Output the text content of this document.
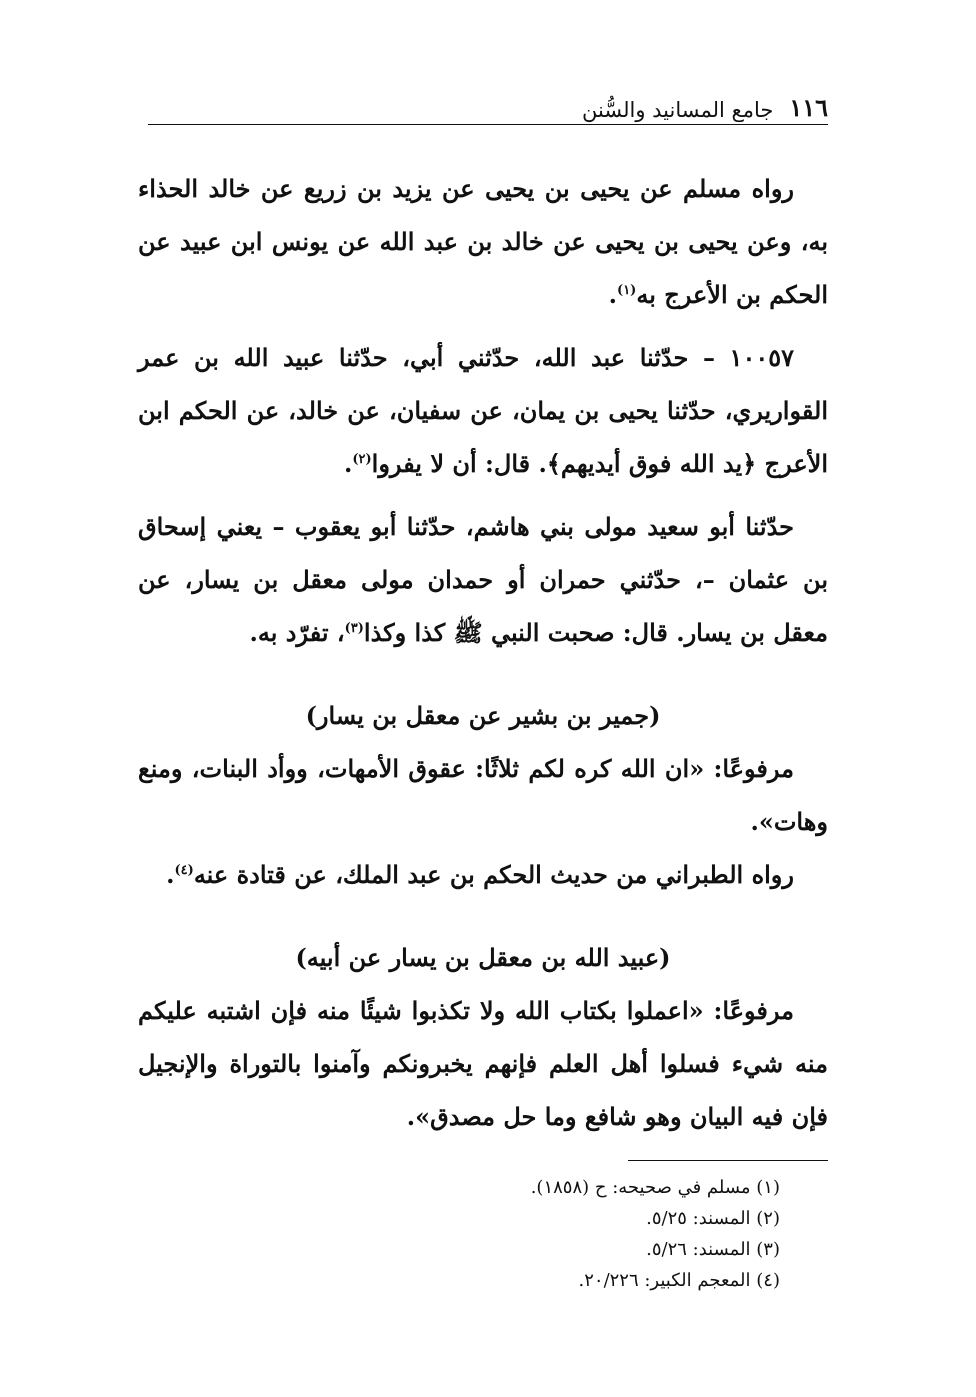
١١٦
جامع المسانيد والسُّنن

رواه مسلم عن يحيى بن يحيى عن يزيد بن زريع عن خالد الحذاء به، وعن يحيى بن يحيى عن خالد بن عبد الله عن يونس ابن عبيد عن الحكم بن الأعرج به$^{(١)}$.

١٠٠٥٧ – حدّثنا عبد الله، حدّثني أبي، حدّثنا عبيد الله بن عمر القواريري، حدّثنا يحيى بن يمان، عن سفيان، عن خالد، عن الحكم ابن الأعرج ﴿يد الله فوق أيديهم﴾. قال: أن لا يفروا$^{(٢)}$.

حدّثنا أبو سعيد مولى بني هاشم، حدّثنا أبو يعقوب – يعني إسحاق بن عثمان –، حدّثني حمران أو حمدان مولى معقل بن يسار، عن معقل بن يسار. قال: صحبت النبي ﷺ كذا وكذا$^{(٣)}$، تفرّد به.

(جمير بن بشير عن معقل بن يسار)

مرفوعًا: «ان الله كره لكم ثلاثًا: عقوق الأمهات، ووأد البنات، ومنع وهات».

رواه الطبراني من حديث الحكم بن عبد الملك، عن قتادة عنه$^{(٤)}$.

(عبيد الله بن معقل بن يسار عن أبيه)

مرفوعًا: «اعملوا بكتاب الله ولا تكذبوا شيئًا منه فإن اشتبه عليكم منه شيء فسلوا أهل العلم فإنهم يخبرونكم وآمنوا بالتوراة والإنجيل فإن فيه البيان وهو شافع وما حل مصدق».

(١) مسلم في صحيحه: ح (١٨٥٨).
(٢) المسند: ٥/٢٥.
(٣) المسند: ٥/٢٦.
(٤) المعجم الكبير: ٢٠/٢٢٦.
